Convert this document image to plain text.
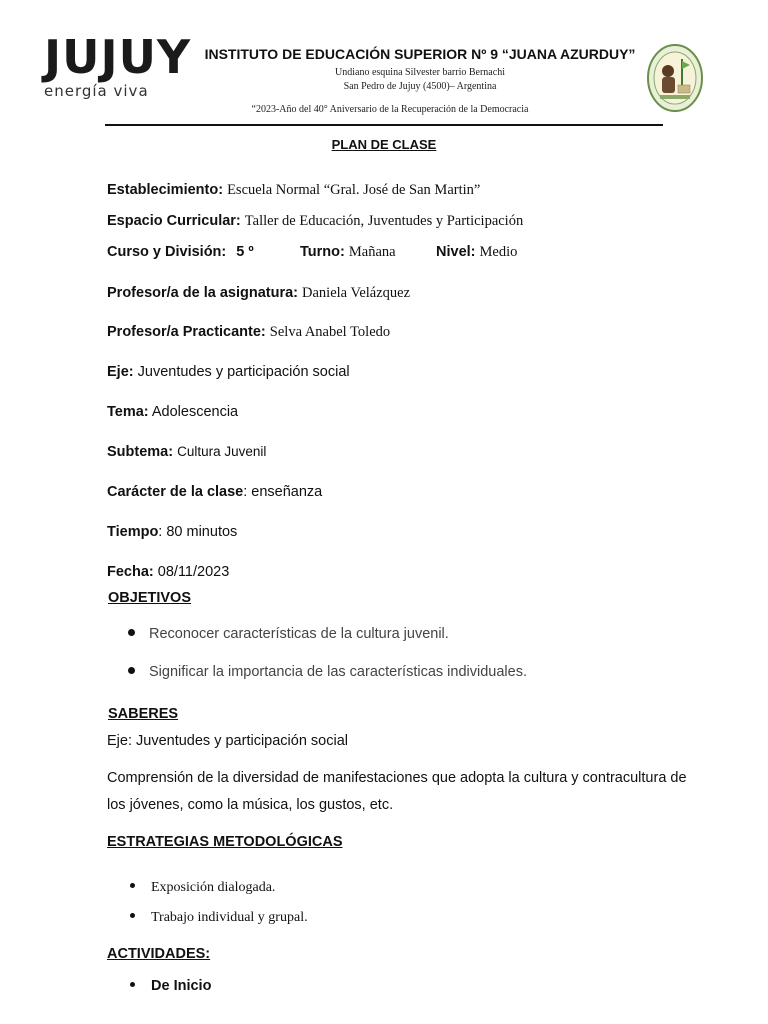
JUJUY
energía viva
INSTITUTO DE EDUCACIÓN SUPERIOR Nº 9 “JUANA AZURDUY”
Undiano esquina Silvester barrio Bernachi
San Pedro de Jujuy (4500)– Argentina
“2023-Año del 40° Aniversario de la Recuperación de la Democracia
PLAN DE CLASE
Establecimiento: Escuela Normal “Gral. José de San Martin”
Espacio Curricular: Taller de Educación, Juventudes y Participación
Curso y División: 5 º	Turno: Mañana	Nivel: Medio
Profesor/a de la asignatura: Daniela Velázquez
Profesor/a Practicante: Selva Anabel Toledo
Eje: Juventudes y participación social
Tema: Adolescencia
Subtema: Cultura Juvenil
Carácter de la clase: enseñanza
Tiempo: 80 minutos
Fecha: 08/11/2023
OBJETIVOS
Reconocer características de la cultura juvenil.
Significar la importancia de las características individuales.
SABERES
Eje: Juventudes y participación social
Comprensión de la diversidad de manifestaciones que adopta la cultura y contracultura de los jóvenes, como la música, los gustos, etc.
ESTRATEGIAS METODOLÓGICAS
Exposición dialogada.
Trabajo individual y grupal.
ACTIVIDADES:
De Inicio
